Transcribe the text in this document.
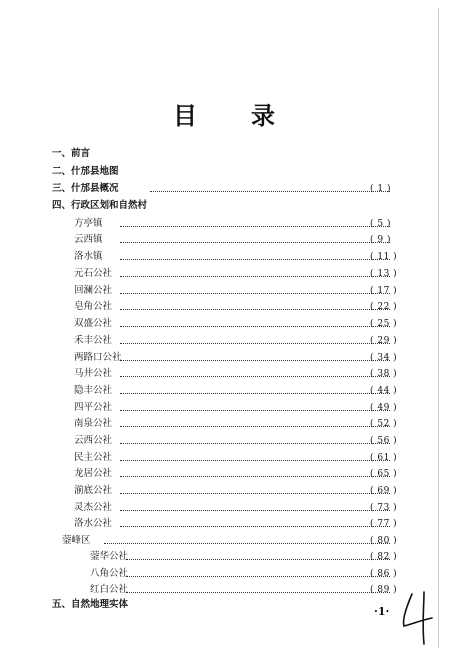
目 录
一、前言
二、什邡县地图
三、什邡县概况	( 1 )
四、行政区划和自然村
方亭镇	( 5 )
云西镇	( 9 )
洛水镇	( 11 )
元石公社	( 13 )
回澜公社	( 17 )
皂角公社	( 22 )
双盛公社	( 25 )
禾丰公社	( 29 )
两路口公社	( 34 )
马井公社	( 38 )
隐丰公社	( 44 )
四平公社	( 49 )
南泉公社	( 52 )
云西公社	( 56 )
民主公社	( 61 )
龙居公社	( 65 )
湔底公社	( 69 )
灵杰公社	( 73 )
洛水公社	( 77 )
蓥峰区	( 80 )
蓥华公社	( 82 )
八角公社	( 86 )
红白公社	( 89 )
五、自然地理实体
·1·
